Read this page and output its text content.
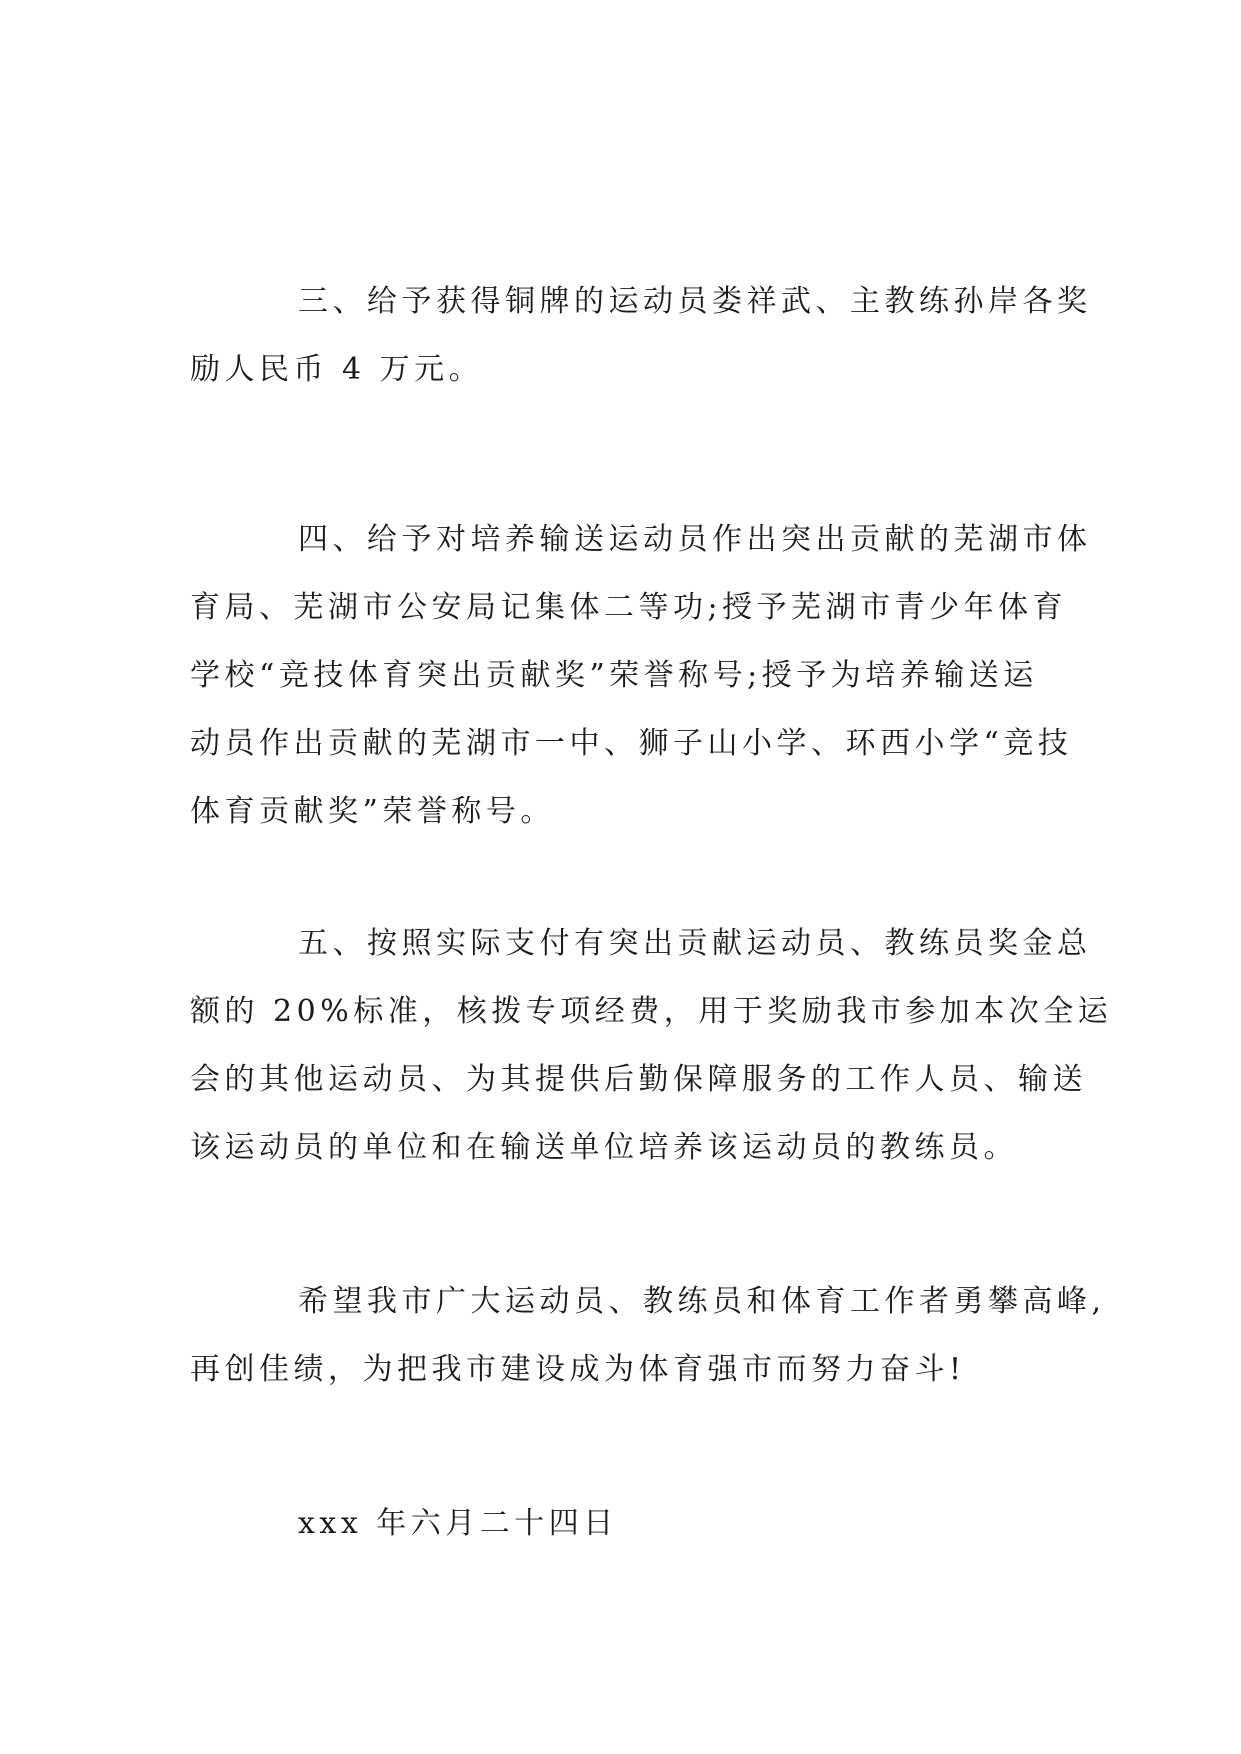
三、给予获得铜牌的运动员娄祥武、主教练孙岸各奖
励人民币 4 万元。

四、给予对培养输送运动员作出突出贡献的芜湖市体
育局、芜湖市公安局记集体二等功;授予芜湖市青少年体育
学校“竞技体育突出贡献奖”荣誉称号;授予为培养输送运
动员作出贡献的芜湖市一中、狮子山小学、环西小学“竞技
体育贡献奖”荣誉称号。

五、按照实际支付有突出贡献运动员、教练员奖金总
额的 20%标准，核拨专项经费，用于奖励我市参加本次全运
会的其他运动员、为其提供后勤保障服务的工作人员、输送
该运动员的单位和在输送单位培养该运动员的教练员。

希望我市广大运动员、教练员和体育工作者勇攀高峰,
再创佳绩，为把我市建设成为体育强市而努力奋斗!

xxx 年六月二十四日
